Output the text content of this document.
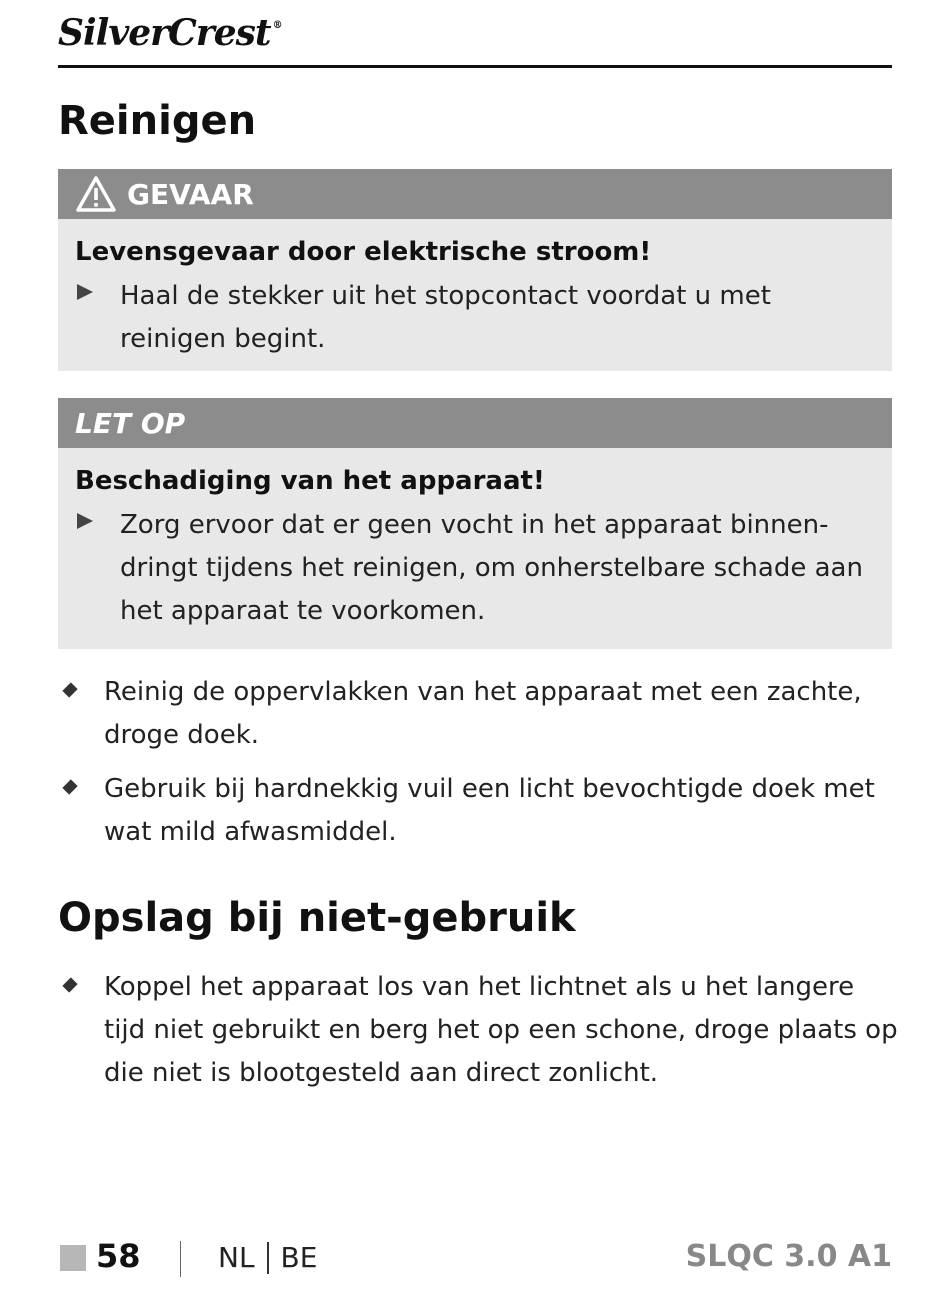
SilverCrest ®
Reinigen
GEVAAR

Levensgevaar door elektrische stroom!

Haal de stekker uit het stopcontact voordat u met reinigen begint.
LET OP

Beschadiging van het apparaat!

Zorg ervoor dat er geen vocht in het apparaat binnendringt tijdens het reinigen, om onherstelbare schade aan het apparaat te voorkomen.
Reinig de oppervlakken van het apparaat met een zachte, droge doek.
Gebruik bij hardnekkig vuil een licht bevochtigde doek met wat mild afwasmiddel.
Opslag bij niet-gebruik
Koppel het apparaat los van het lichtnet als u het langere tijd niet gebruikt en berg het op een schone, droge plaats op die niet is blootgesteld aan direct zonlicht.
58	NL BE	SLQC 3.0 A1
